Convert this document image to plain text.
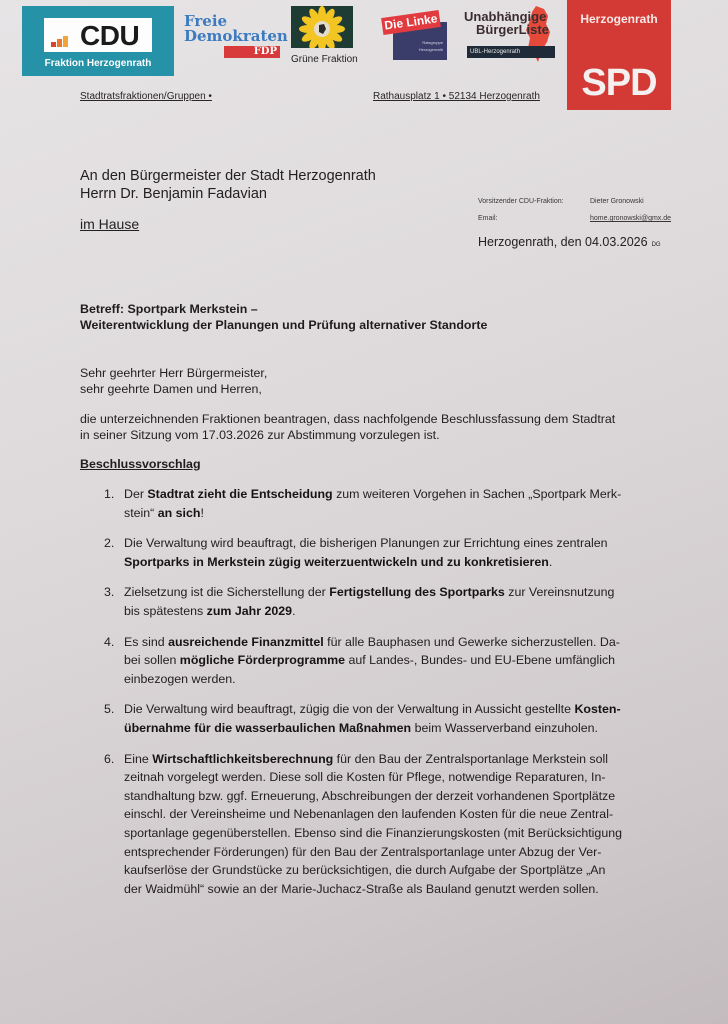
CDU
Fraktion Herzogenrath
Freie
Demokraten
FDP
Grüne Fraktion
Ratsgruppe
Herzogenrath
Die Linke Unabhängige
BürgerListe
UBL-Herzogenrath
Herzogenrath
SPD
Stadtratsfraktionen/Gruppen •	Rathausplatz 1 • 52134 Herzogenrath
An den Bürgermeister der Stadt Herzogenrath
Herrn Dr. Benjamin Fadavian
im Hause
Vorsitzender CDU-Fraktion:	Dieter Gronowski
Email:	home.gronowski@gmx.de
Herzogenrath, den 04.03.2026 DG
Betreff: Sportpark Merkstein –
Weiterentwicklung der Planungen und Prüfung alternativer Standorte
Sehr geehrter Herr Bürgermeister,
sehr geehrte Damen und Herren,
die unterzeichnenden Fraktionen beantragen, dass nachfolgende Beschlussfassung dem Stadtrat
in seiner Sitzung vom 17.03.2026 zur Abstimmung vorzulegen ist.
Beschlussvorschlag
1. Der Stadtrat zieht die Entscheidung zum weiteren Vorgehen in Sachen „Sportpark Merk-
stein“ an sich!
2. Die Verwaltung wird beauftragt, die bisherigen Planungen zur Errichtung eines zentralen
Sportparks in Merkstein zügig weiterzuentwickeln und zu konkretisieren.
3. Zielsetzung ist die Sicherstellung der Fertigstellung des Sportparks zur Vereinsnutzung
bis spätestens zum Jahr 2029.
4. Es sind ausreichende Finanzmittel für alle Bauphasen und Gewerke sicherzustellen. Da-
bei sollen mögliche Förderprogramme auf Landes-, Bundes- und EU-Ebene umfänglich
einbezogen werden.
5. Die Verwaltung wird beauftragt, zügig die von der Verwaltung in Aussicht gestellte Kosten-
übernahme für die wasserbaulichen Maßnahmen beim Wasserverband einzuholen.
6. Eine Wirtschaftlichkeitsberechnung für den Bau der Zentralsportanlage Merkstein soll
zeitnah vorgelegt werden. Diese soll die Kosten für Pflege, notwendige Reparaturen, In-
standhaltung bzw. ggf. Erneuerung, Abschreibungen der derzeit vorhandenen Sportplätze
einschl. der Vereinsheime und Nebenanlagen den laufenden Kosten für die neue Zentral-
sportanlage gegenüberstellen. Ebenso sind die Finanzierungskosten (mit Berücksichtigung
entsprechender Förderungen) für den Bau der Zentralsportanlage unter Abzug der Ver-
kaufserlöse der Grundstücke zu berücksichtigen, die durch Aufgabe der Sportplätze „An
der Waidmühl“ sowie an der Marie-Juchacz-Straße als Bauland genutzt werden sollen.
